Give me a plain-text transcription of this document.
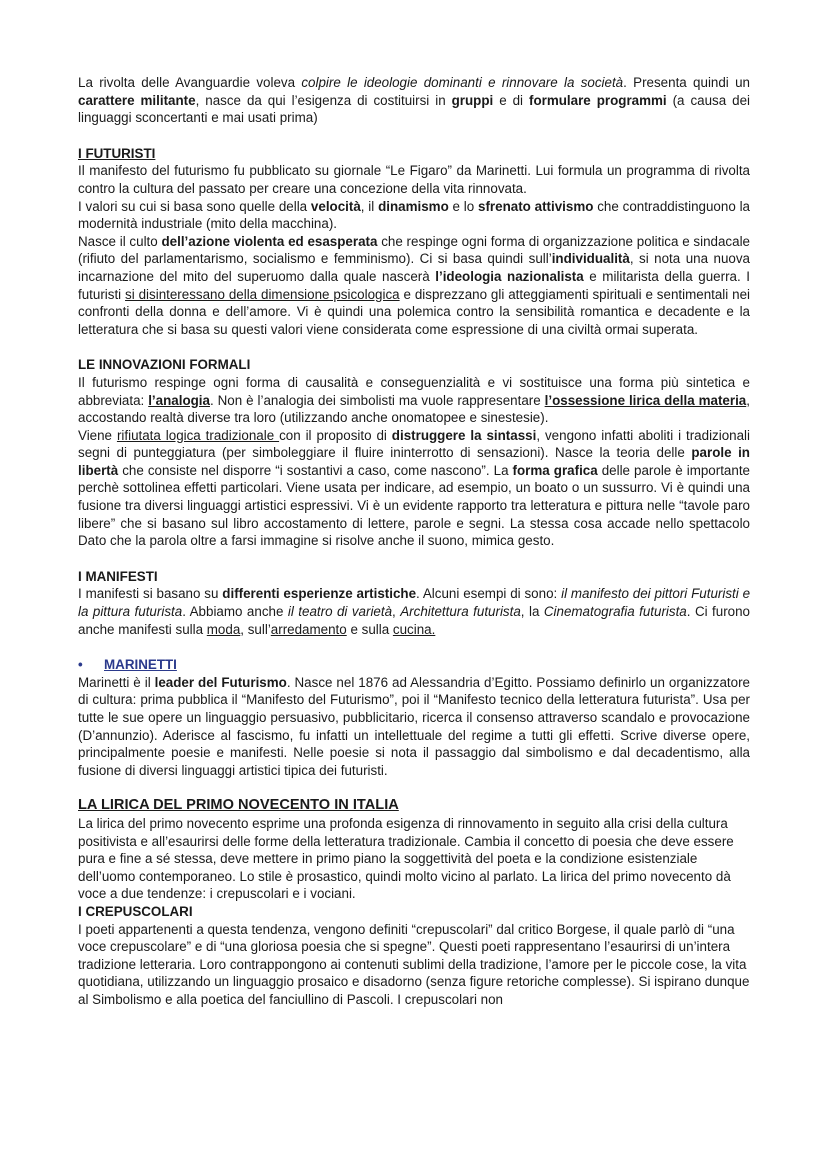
La rivolta delle Avanguardie voleva colpire le ideologie dominanti e rinnovare la società. Presenta quindi un carattere militante, nasce da qui l’esigenza di costituirsi in gruppi e di formulare programmi (a causa dei linguaggi sconcertanti e mai usati prima)

I FUTURISTI

Il manifesto del futurismo fu pubblicato su giornale “Le Figaro” da Marinetti. Lui formula un programma di rivolta contro la cultura del passato per creare una concezione della vita rinnovata.

I valori su cui si basa sono quelle della velocità, il dinamismo e lo sfrenato attivismo che contraddistinguono la modernità industriale (mito della macchina).

Nasce il culto dell’azione violenta ed esasperata che respinge ogni forma di organizzazione politica e sindacale (rifiuto del parlamentarismo, socialismo e femminismo). Ci si basa quindi sull’individualità, si nota una nuova incarnazione del mito del superuomo dalla quale nascerà l’ideologia nazionalista e militarista della guerra. I futuristi si disinteressano della dimensione psicologica e disprezzano gli atteggiamenti spirituali e sentimentali nei confronti della donna e dell’amore. Vi è quindi una polemica contro la sensibilità romantica e decadente e la letteratura che si basa su questi valori viene considerata come espressione di una civiltà ormai superata.

LE INNOVAZIONI FORMALI

Il futurismo respinge ogni forma di causalità e conseguenzialità e vi sostituisce una forma più sintetica e abbreviata: l’analogia. Non è l’analogia dei simbolisti ma vuole rappresentare l’ossessione lirica della materia, accostando realtà diverse tra loro (utilizzando anche onomatopee e sinestesie).

Viene rifiutata logica tradizionale con il proposito di distruggere la sintassi, vengono infatti aboliti i tradizionali segni di punteggiatura (per simboleggiare il fluire ininterrotto di sensazioni). Nasce la teoria delle parole in libertà che consiste nel disporre “i sostantivi a caso, come nascono”. La forma grafica delle parole è importante perchè sottolinea effetti particolari. Viene usata per indicare, ad esempio, un boato o un sussurro. Vi è quindi una fusione tra diversi linguaggi artistici espressivi. Vi è un evidente rapporto tra letteratura e pittura nelle “tavole paro libere” che si basano sul libro accostamento di lettere, parole e segni. La stessa cosa accade nello spettacolo Dato che la parola oltre a farsi immagine si risolve anche il suono, mimica gesto.

I MANIFESTI

I manifesti si basano su differenti esperienze artistiche. Alcuni esempi di sono: il manifesto dei pittori Futuristi e la pittura futurista. Abbiamo anche il teatro di varietà, Architettura futurista, la Cinematografia futurista. Ci furono anche manifesti sulla moda, sull’arredamento e sulla cucina.

•	MARINETTI

Marinetti è il leader del Futurismo. Nasce nel 1876 ad Alessandria d’Egitto. Possiamo definirlo un organizzatore di cultura: prima pubblica il “Manifesto del Futurismo”, poi il “Manifesto tecnico della letteratura futurista”. Usa per tutte le sue opere un linguaggio persuasivo, pubblicitario, ricerca il consenso attraverso scandalo e provocazione (D’annunzio). Aderisce al fascismo, fu infatti un intellettuale del regime a tutti gli effetti. Scrive diverse opere, principalmente poesie e manifesti. Nelle poesie si nota il passaggio dal simbolismo e dal decadentismo, alla fusione di diversi linguaggi artistici tipica dei futuristi.

LA LIRICA DEL PRIMO NOVECENTO IN ITALIA

La lirica del primo novecento esprime una profonda esigenza di rinnovamento in seguito alla crisi della cultura positivista e all’esaurirsi delle forme della letteratura tradizionale. Cambia il concetto di poesia che deve essere pura e fine a sé stessa, deve mettere in primo piano la soggettività del poeta e la condizione esistenziale dell’uomo contemporaneo. Lo stile è prosastico, quindi molto vicino al parlato. La lirica del primo novecento dà voce a due tendenze: i crepuscolari e i vociani.

I CREPUSCOLARI

I poeti appartenenti a questa tendenza, vengono definiti “crepuscolari” dal critico Borgese, il quale parlò di “una voce crepuscolare” e di “una gloriosa poesia che si spegne”. Questi poeti rappresentano l’esaurirsi di un’intera tradizione letteraria. Loro contrappongono ai contenuti sublimi della tradizione, l’amore per le piccole cose, la vita quotidiana, utilizzando un linguaggio prosaico e disadorno (senza figure retoriche complesse). Si ispirano dunque al Simbolismo e alla poetica del fanciullino di Pascoli. I crepuscolari non
